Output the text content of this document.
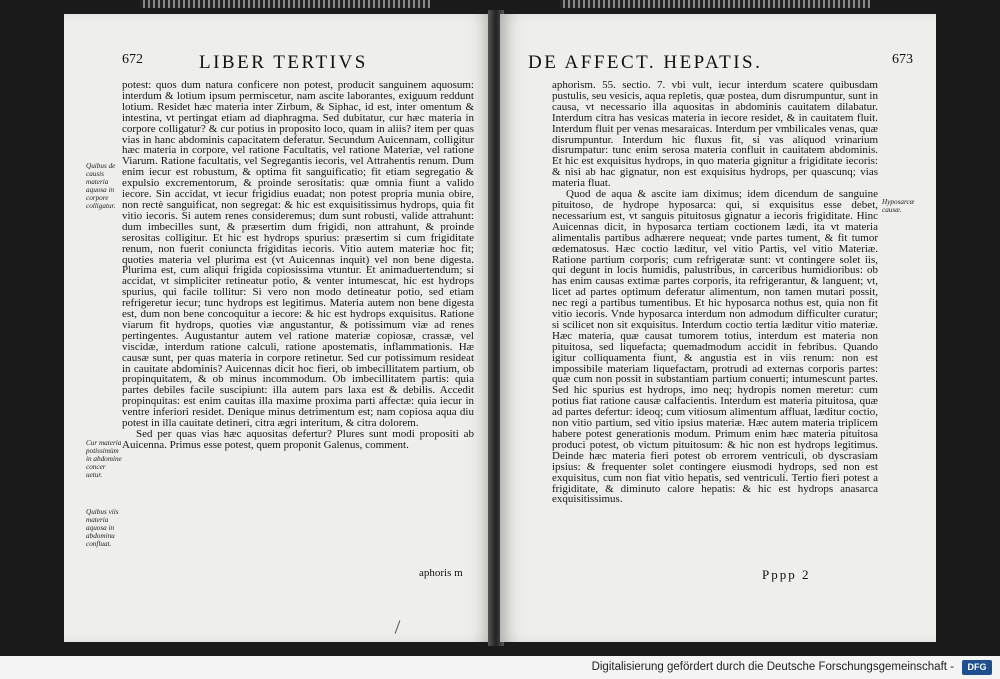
672	LIBER TERTIVS
Quibus de causis materia aquosa in corpore colligatur.
Cur materia potissimùm in abdomine concer uetur.
Quibus viis materia aquosa in abdominu confluat.

potest: quos dum natura conficere non potest, producit sanguinem aquosum: interdum & lotium ipsum permiscetur, nam ascite laborantes, exiguum reddunt lotium. Residet hæc materia inter Zirbum, & Siphac, id est, inter omentum & intestina, vt pertingat etiam ad diaphragma. Sed dubitatur, cur hæc materia in corpore colligatur? & cur potius in proposito loco, quam in aliis? item per quas vias in hanc abdominis capacitatem deferatur. Secundum Auicennam, colligitur hæc materia in corpore, vel ratione Facultatis, vel ratione Materiæ, vel ratione Viarum. Ratione facultatis, vel Segregantis iecoris, vel Attrahentis renum. Dum enim iecur est robustum, & optima fit sanguificatio; fit etiam segregatio & expulsio excrementorum, & proinde serositatis: quæ omnia fiunt a valido iecore. Sin accidat, vt iecur frigidius euadat; non potest propria munia obire, non rectè sanguificat, non segregat: & hic est exquisitissimus hydrops, quia fit vitio iecoris. Si autem renes consideremus; dum sunt robusti, valide attrahunt: dum imbecilles sunt, & præsertim dum frigidi, non attrahunt, & proinde serositas colligitur. Et hic est hydrops spurius: præsertim si cum frigiditate renum, non fuerit coniuncta frigiditas iecoris. Vitio autem materiæ hoc fit; quoties materia vel plurima est (vt Auicennas inquit) vel non bene digesta. Plurima est, cum aliqui frigida copiosissima vtuntur. Et animaduertendum; si accidat, vt simpliciter retineatur potio, & venter intumescat, hic est hydrops spurius, qui facile tollitur: Si vero non modo detineatur potio, sed etiam refrigeretur iecur; tunc hydrops est legitimus. Materia autem non bene digesta est, dum non bene concoquitur a iecore: & hic est hydrops exquisitus. Ratione viarum fit hydrops, quoties viæ angustantur, & potissimum viæ ad renes pertingentes. Augustantur autem vel ratione materiæ copiosæ, crassæ, vel viscidæ, interdum ratione calculi, ratione apostematis, inflammationis. Hæ causæ sunt, per quas materia in corpore retinetur. Sed cur potissimum resideat in cauitate abdominis? Auicennas dicit hoc fieri, ob imbecillitatem partium, ob propinquitatem, & ob minus incommodum. Ob imbecillitatem partis: quia partes debiles facile suscipiunt: illa autem pars laxa est & debilis. Accedit propinquitas: est enim cauitas illa maxime proxima parti affectæ: quia iecur in ventre inferiori residet. Denique minus detrimentum est; nam copiosa aqua diu potest in illa cauitate detineri, citra ægri interitum, & citra dolorem.

Sed per quas vias hæc aquositas defertur? Plures sunt modi propositi ab Auicenna. Primus esse potest, quem proponit Galenus, comment.

aphoris m
DE AFFECT. HEPATIS.	673
Hyposarcæ causæ.

aphorism. 55. sectio. 7. vbi vult, iecur interdum scatere quibusdam pustulis, seu vesicis, aqua repletis, quæ postea, dum disrumpuntur, sunt in causa, vt necessario illa aquositas in abdominis cauitatem dilabatur. Interdum citra has vesicas materia in iecore residet, & in cauitatem fluit. Interdum fluit per venas mesaraicas. Interdum per vmbilicales venas, quæ disrumpuntur. Interdum hic fluxus fit, si vas aliquod vrinarium disrumpatur: tunc enim serosa materia confluit in cauitatem abdominis. Et hic est exquisitus hydrops, in quo materia gignitur a frigiditate iecoris: & nisi ab hac gignatur, non est exquisitus hydrops, per quascunq; vias materia fluat.

Quod de aqua & ascite iam diximus; idem dicendum de sanguine pituitoso, de hydrope hyposarca: qui, si exquisitus esse debet, necessarium est, vt sanguis pituitosus gignatur a iecoris frigiditate. Hinc Auicennas dicit, in hyposarca tertiam coctionem lædi, ita vt materia alimentalis partibus adhærere nequeat; vnde partes tument, & fit tumor œdematosus. Hæc coctio læditur, vel vitio Partis, vel vitio Materiæ. Ratione partium corporis; cum refrigeratæ sunt: vt contingere solet iis, qui degunt in locis humidis, palustribus, in carceribus humidioribus: ob has enim causas extimæ partes corporis, ita refrigerantur, & languent; vt, licet ad partes optimum deferatur alimentum, non tamen mutari possit, nec regi a partibus tumentibus. Et hic hyposarca nothus est, quia non fit vitio iecoris. Vnde hyposarca interdum non admodum difficulter curatur; si scilicet non sit exquisitus. Interdum coctio tertia læditur vitio materiæ. Hæc materia, quæ causat tumorem totius, interdum est materia non pituitosa, sed liquefacta; quemadmodum accidit in febribus. Quando igitur colliquamenta fiunt, & angustia est in viis renum: non est impossibile materiam liquefactam, protrudi ad externas corporis partes: quæ cum non possit in substantiam partium conuerti; intumescunt partes. Sed hic spurius est hydrops, imo neq; hydropis nomen meretur: cum potius fiat ratione causæ calfacientis. Interdum est materia pituitosa, quæ ad partes defertur: ideoq; cum vitiosum alimentum affluat, læditur coctio, non vitio partium, sed vitio ipsius materiæ. Hæc autem materia triplicem habere potest generationis modum. Primum enim hæc materia pituitosa produci potest, ob victum pituitosum: & hic non est hydrops legitimus. Deinde hæc materia fieri potest ob errorem ventriculi, ob dyscrasiam ipsius: & frequenter solet contingere eiusmodi hydrops, sed non est exquisitus, cum non fiat vitio hepatis, sed ventriculi. Tertio fieri potest a frigiditate, & diminuto calore hepatis: & hic est hydrops anasarca exquisitissimus.

Pppp 2
Digitalisierung gefördert durch die Deutsche Forschungsgemeinschaft -	DFG
